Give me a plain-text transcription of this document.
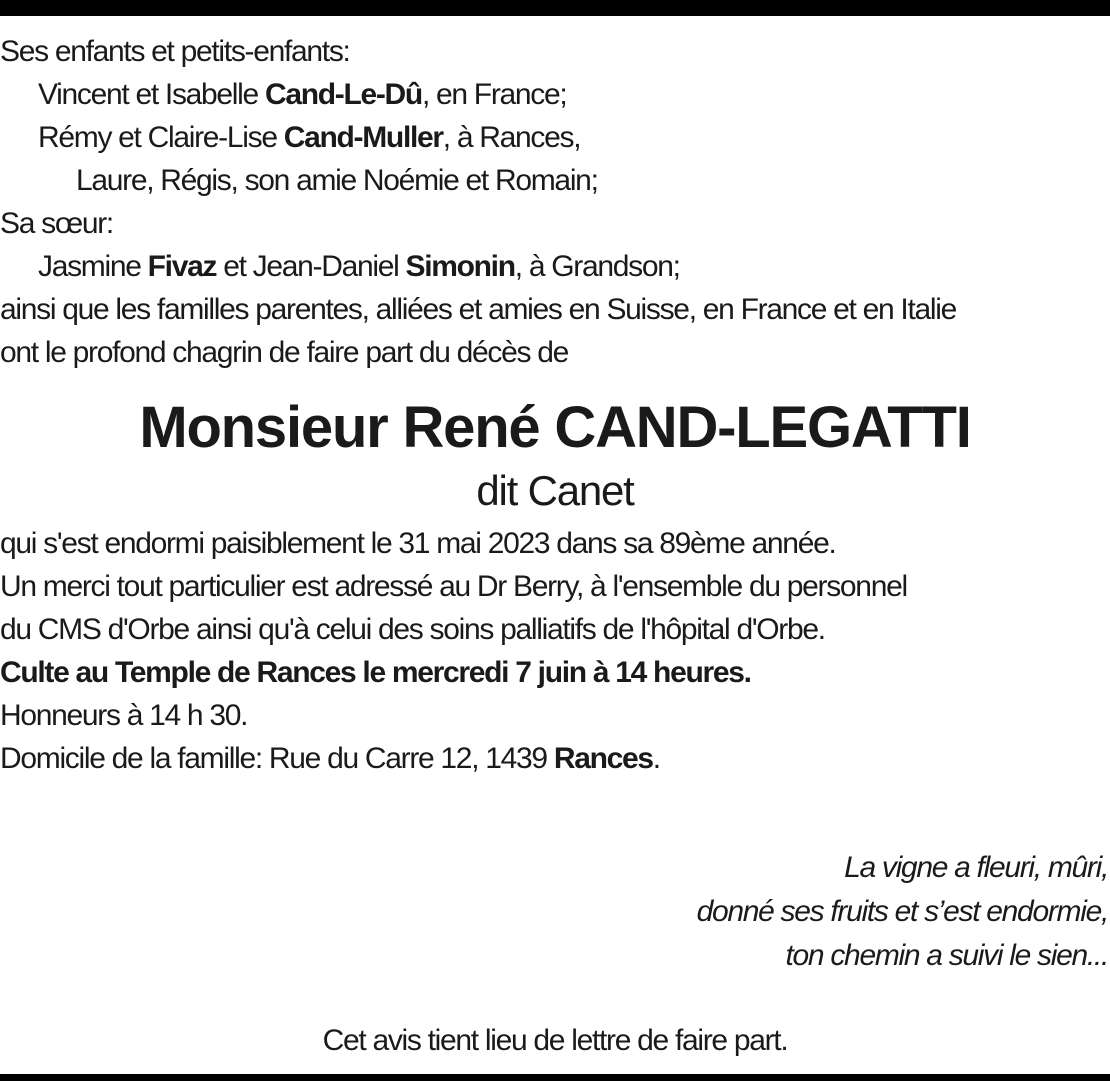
Ses enfants et petits-enfants:
Vincent et Isabelle Cand-Le-Dû, en France;
Rémy et Claire-Lise Cand-Muller, à Rances,
Laure, Régis, son amie Noémie et Romain;
Sa sœur:
Jasmine Fivaz et Jean-Daniel Simonin, à Grandson;
ainsi que les familles parentes, alliées et amies en Suisse, en France et en Italie
ont le profond chagrin de faire part du décès de
Monsieur René CAND-LEGATTI
dit Canet
qui s'est endormi paisiblement le 31 mai 2023 dans sa 89ème année.
Un merci tout particulier est adressé au Dr Berry, à l'ensemble du personnel
du CMS d'Orbe ainsi qu'à celui des soins palliatifs de l'hôpital d'Orbe.
Culte au Temple de Rances le mercredi 7 juin à 14 heures.
Honneurs à 14 h 30.
Domicile de la famille: Rue du Carre 12, 1439 Rances.
La vigne a fleuri, mûri,
donné ses fruits et s’est endormie,
ton chemin a suivi le sien...
Cet avis tient lieu de lettre de faire part.
